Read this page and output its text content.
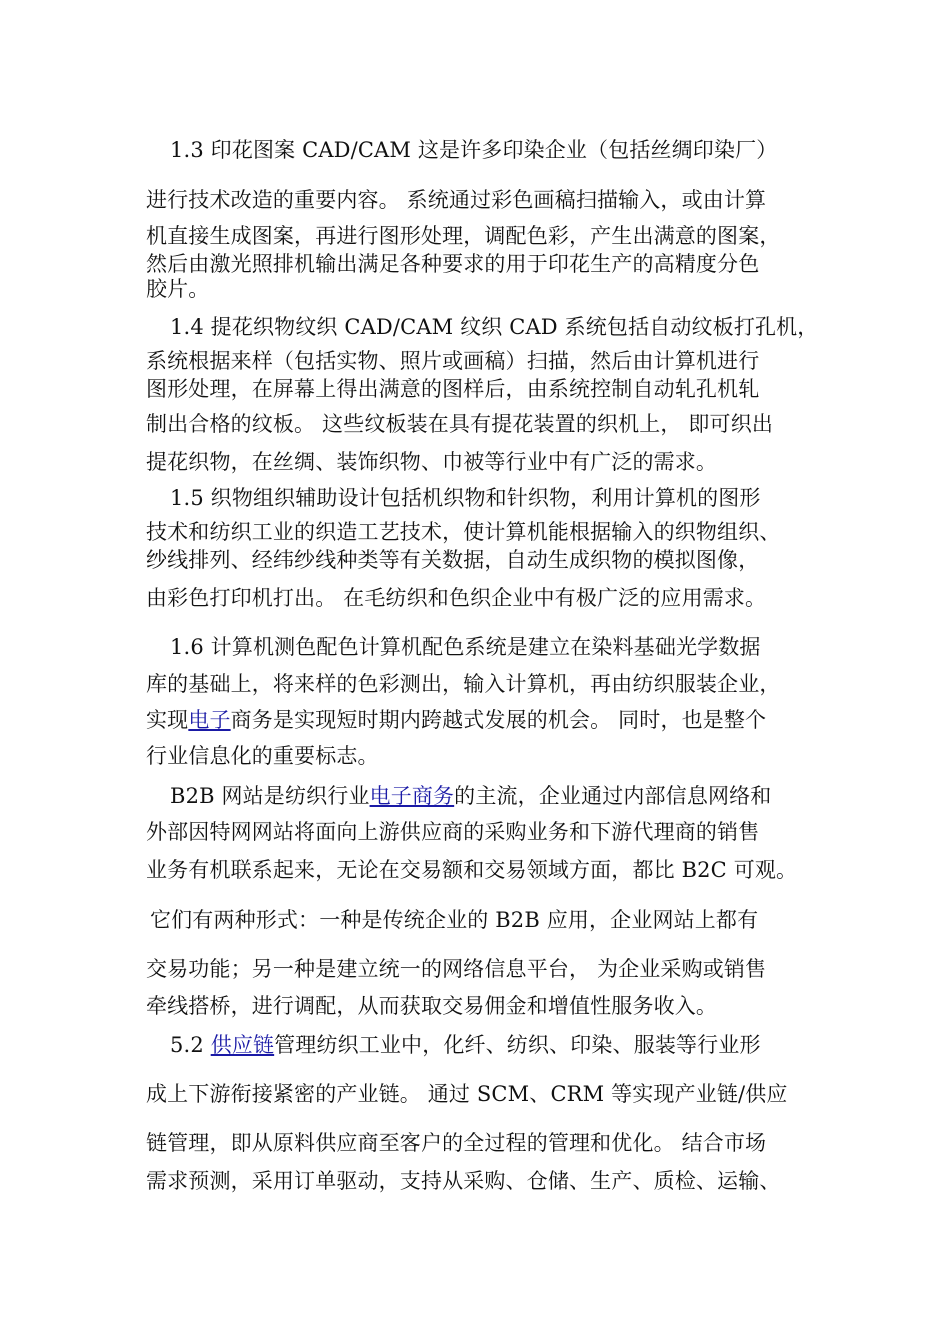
1.3 印花图案 CAD/CAM 这是许多印染企业（包括丝绸印染厂）
进行技术改造的重要内容。 系统通过彩色画稿扫描输入，或由计算
机直接生成图案，再进行图形处理，调配色彩，产生出满意的图案，
然后由激光照排机输出满足各种要求的用于印花生产的高精度分色
胶片。
1.4 提花织物纹织 CAD/CAM 纹织 CAD 系统包括自动纹板打孔机，
系统根据来样（包括实物、照片或画稿）扫描，然后由计算机进行
图形处理，在屏幕上得出满意的图样后，由系统控制自动轧孔机轧
制出合格的纹板。 这些纹板装在具有提花装置的织机上， 即可织出
提花织物，在丝绸、装饰织物、巾被等行业中有广泛的需求。
1.5 织物组织辅助设计包括机织物和针织物，利用计算机的图形
技术和纺织工业的织造工艺技术，使计算机能根据输入的织物组织、
纱线排列、经纬纱线种类等有关数据，自动生成织物的模拟图像，
由彩色打印机打出。 在毛纺织和色织企业中有极广泛的应用需求。
1.6 计算机测色配色计算机配色系统是建立在染料基础光学数据
库的基础上，将来样的色彩测出，输入计算机，再由纺织服装企业，
实现电子商务是实现短时期内跨越式发展的机会。 同时，也是整个
行业信息化的重要标志。
B2B 网站是纺织行业电子商务的主流，企业通过内部信息网络和
外部因特网网站将面向上游供应商的采购业务和下游代理商的销售
业务有机联系起来，无论在交易额和交易领域方面，都比 B2C 可观。
它们有两种形式：一种是传统企业的 B2B 应用，企业网站上都有
交易功能；另一种是建立统一的网络信息平台， 为企业采购或销售
牵线搭桥，进行调配，从而获取交易佣金和增值性服务收入。
5.2 供应链管理纺织工业中，化纤、纺织、印染、服装等行业形
成上下游衔接紧密的产业链。 通过 SCM、CRM 等实现产业链/供应
链管理，即从原料供应商至客户的全过程的管理和优化。 结合市场
需求预测，采用订单驱动，支持从采购、仓储、生产、质检、运输、
